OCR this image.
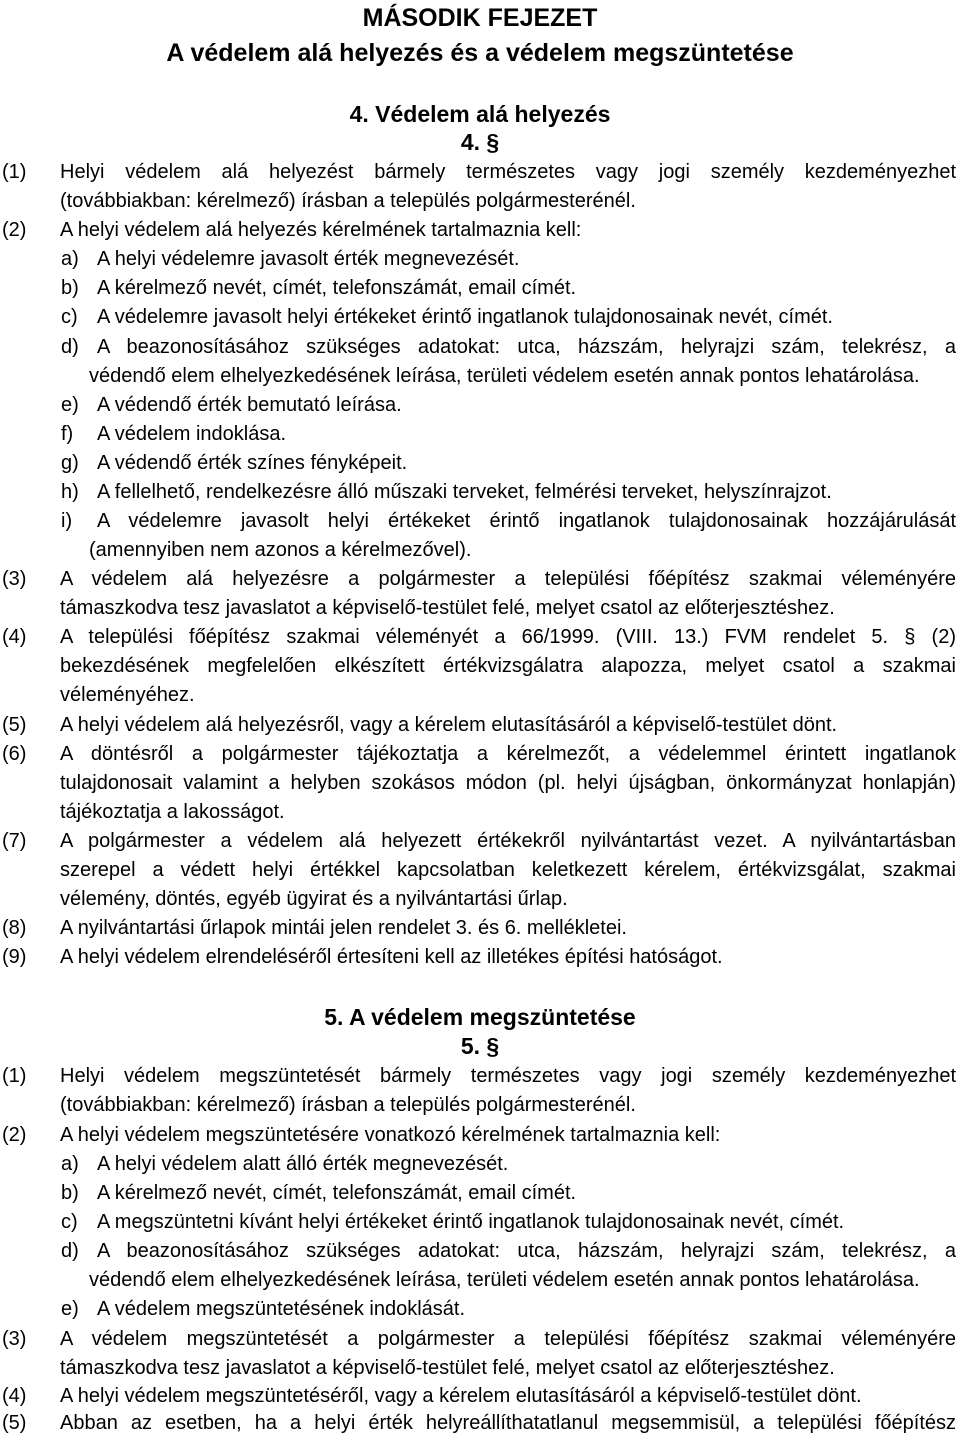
MÁSODIK FEJEZET
A védelem alá helyezés és a védelem megszüntetése
4. Védelem alá helyezés
4. §
(1) Helyi védelem alá helyezést bármely természetes vagy jogi személy kezdeményezhet
(továbbiakban: kérelmező) írásban a település polgármesterénél.
(2) A helyi védelem alá helyezés kérelmének tartalmaznia kell:
a) A helyi védelemre javasolt érték megnevezését.
b) A kérelmező nevét, címét, telefonszámát, email címét.
c) A védelemre javasolt helyi értékeket érintő ingatlanok tulajdonosainak nevét, címét.
d) A beazonosításához szükséges adatokat: utca, házszám, helyrajzi szám, telekrész, a
védendő elem elhelyezkedésének leírása, területi védelem esetén annak pontos lehatárolása.
e) A védendő érték bemutató leírása.
f) A védelem indoklása.
g) A védendő érték színes fényképeit.
h) A fellelhető, rendelkezésre álló műszaki terveket, felmérési terveket, helyszínrajzot.
i) A védelemre javasolt helyi értékeket érintő ingatlanok tulajdonosainak hozzájárulását
(amennyiben nem azonos a kérelmezővel).
(3) A védelem alá helyezésre a polgármester a települési főépítész szakmai véleményére
támaszkodva tesz javaslatot a képviselő-testület felé, melyet csatol az előterjesztéshez.
(4) A települési főépítész szakmai véleményét a 66/1999. (VIII. 13.) FVM rendelet 5. § (2)
bekezdésének megfelelően elkészített értékvizsgálatra alapozza, melyet csatol a szakmai
véleményéhez.
(5) A helyi védelem alá helyezésről, vagy a kérelem elutasításáról a képviselő-testület dönt.
(6) A döntésről a polgármester tájékoztatja a kérelmezőt, a védelemmel érintett ingatlanok
tulajdonosait valamint a helyben szokásos módon (pl. helyi újságban, önkormányzat honlapján)
tájékoztatja a lakosságot.
(7) A polgármester a védelem alá helyezett értékekről nyilvántartást vezet. A nyilvántartásban
szerepel a védett helyi értékkel kapcsolatban keletkezett kérelem, értékvizsgálat, szakmai
vélemény, döntés, egyéb ügyirat és a nyilvántartási űrlap.
(8) A nyilvántartási űrlapok mintái jelen rendelet 3. és 6. mellékletei.
(9) A helyi védelem elrendeléséről értesíteni kell az illetékes építési hatóságot.
5. A védelem megszüntetése
5. §
(1) Helyi védelem megszüntetését bármely természetes vagy jogi személy kezdeményezhet
(továbbiakban: kérelmező) írásban a település polgármesterénél.
(2) A helyi védelem megszüntetésére vonatkozó kérelmének tartalmaznia kell:
a) A helyi védelem alatt álló érték megnevezését.
b) A kérelmező nevét, címét, telefonszámát, email címét.
c) A megszüntetni kívánt helyi értékeket érintő ingatlanok tulajdonosainak nevét, címét.
d) A beazonosításához szükséges adatokat: utca, házszám, helyrajzi szám, telekrész, a
védendő elem elhelyezkedésének leírása, területi védelem esetén annak pontos lehatárolása.
e) A védelem megszüntetésének indoklását.
(3) A védelem megszüntetését a polgármester a települési főépítész szakmai véleményére
támaszkodva tesz javaslatot a képviselő-testület felé, melyet csatol az előterjesztéshez.
(4) A helyi védelem megszüntetéséről, vagy a kérelem elutasításáról a képviselő-testület dönt.
(5) Abban az esetben, ha a helyi érték helyreállíthatatlanul megsemmisül, a települési főépítész
